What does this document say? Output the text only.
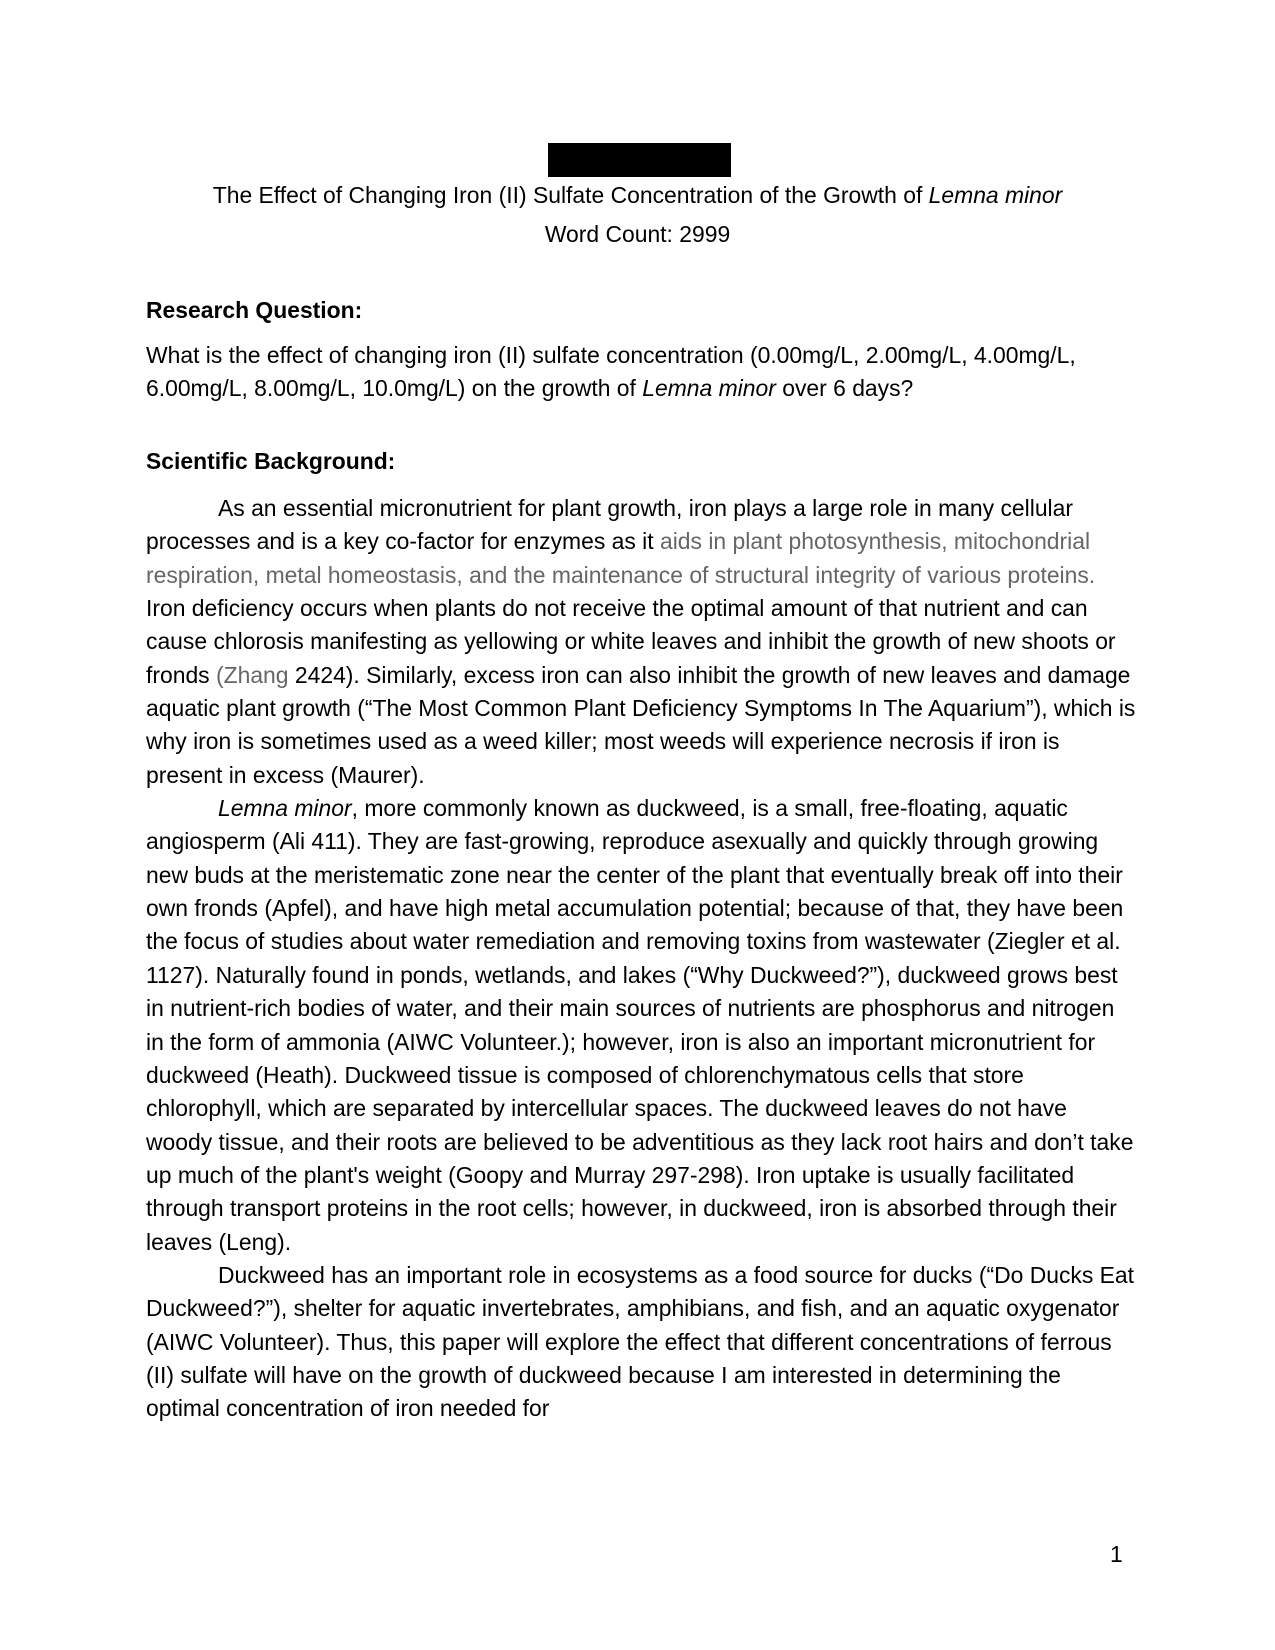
The Effect of Changing Iron (II) Sulfate Concentration of the Growth of Lemna minor
Word Count: 2999
Research Question:
What is the effect of changing iron (II) sulfate concentration (0.00mg/L, 2.00mg/L, 4.00mg/L, 6.00mg/L, 8.00mg/L, 10.0mg/L) on the growth of Lemna minor over 6 days?
Scientific Background:

As an essential micronutrient for plant growth, iron plays a large role in many cellular processes and is a key co-factor for enzymes as it aids in plant photosynthesis, mitochondrial respiration, metal homeostasis, and the maintenance of structural integrity of various proteins. Iron deficiency occurs when plants do not receive the optimal amount of that nutrient and can cause chlorosis manifesting as yellowing or white leaves and inhibit the growth of new shoots or fronds (Zhang 2424). Similarly, excess iron can also inhibit the growth of new leaves and damage aquatic plant growth (“The Most Common Plant Deficiency Symptoms In The Aquarium”), which is why iron is sometimes used as a weed killer; most weeds will experience necrosis if iron is present in excess (Maurer).

Lemna minor, more commonly known as duckweed, is a small, free-floating, aquatic angiosperm (Ali 411). They are fast-growing, reproduce asexually and quickly through growing new buds at the meristematic zone near the center of the plant that eventually break off into their own fronds (Apfel), and have high metal accumulation potential; because of that, they have been the focus of studies about water remediation and removing toxins from wastewater (Ziegler et al. 1127). Naturally found in ponds, wetlands, and lakes (“Why Duckweed?”), duckweed grows best in nutrient-rich bodies of water, and their main sources of nutrients are phosphorus and nitrogen in the form of ammonia (AIWC Volunteer.); however, iron is also an important micronutrient for duckweed (Heath). Duckweed tissue is composed of chlorenchymatous cells that store chlorophyll, which are separated by intercellular spaces. The duckweed leaves do not have woody tissue, and their roots are believed to be adventitious as they lack root hairs and don’t take up much of the plant's weight (Goopy and Murray 297-298). Iron uptake is usually facilitated through transport proteins in the root cells; however, in duckweed, iron is absorbed through their leaves (Leng).

Duckweed has an important role in ecosystems as a food source for ducks (“Do Ducks Eat Duckweed?”), shelter for aquatic invertebrates, amphibians, and fish, and an aquatic oxygenator (AIWC Volunteer). Thus, this paper will explore the effect that different concentrations of ferrous (II) sulfate will have on the growth of duckweed because I am interested in determining the optimal concentration of iron needed for

1
